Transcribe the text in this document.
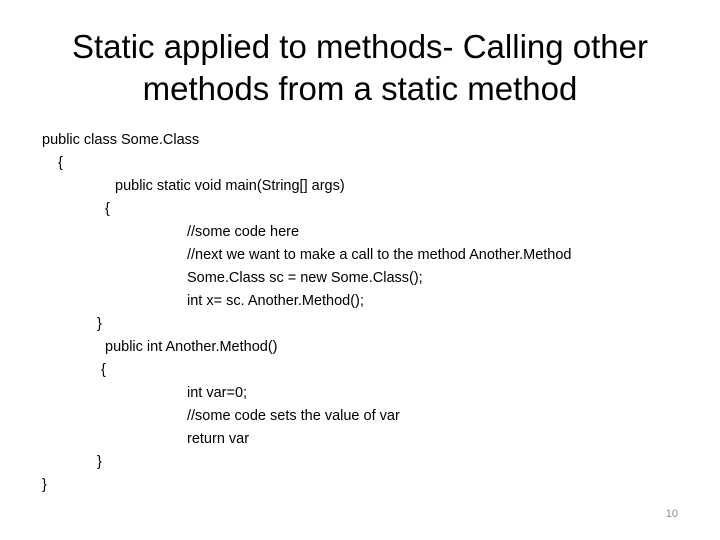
Static applied to methods- Calling other
methods from a static method
public class Some.Class
{
public static void main(String[] args)
{
//some code here
//next we want to make a call to the method Another.Method
Some.Class sc = new Some.Class();
int x= sc. Another.Method();
}
public int Another.Method()
{
int var=0;
//some code sets the value of var
return var
}
}
10
